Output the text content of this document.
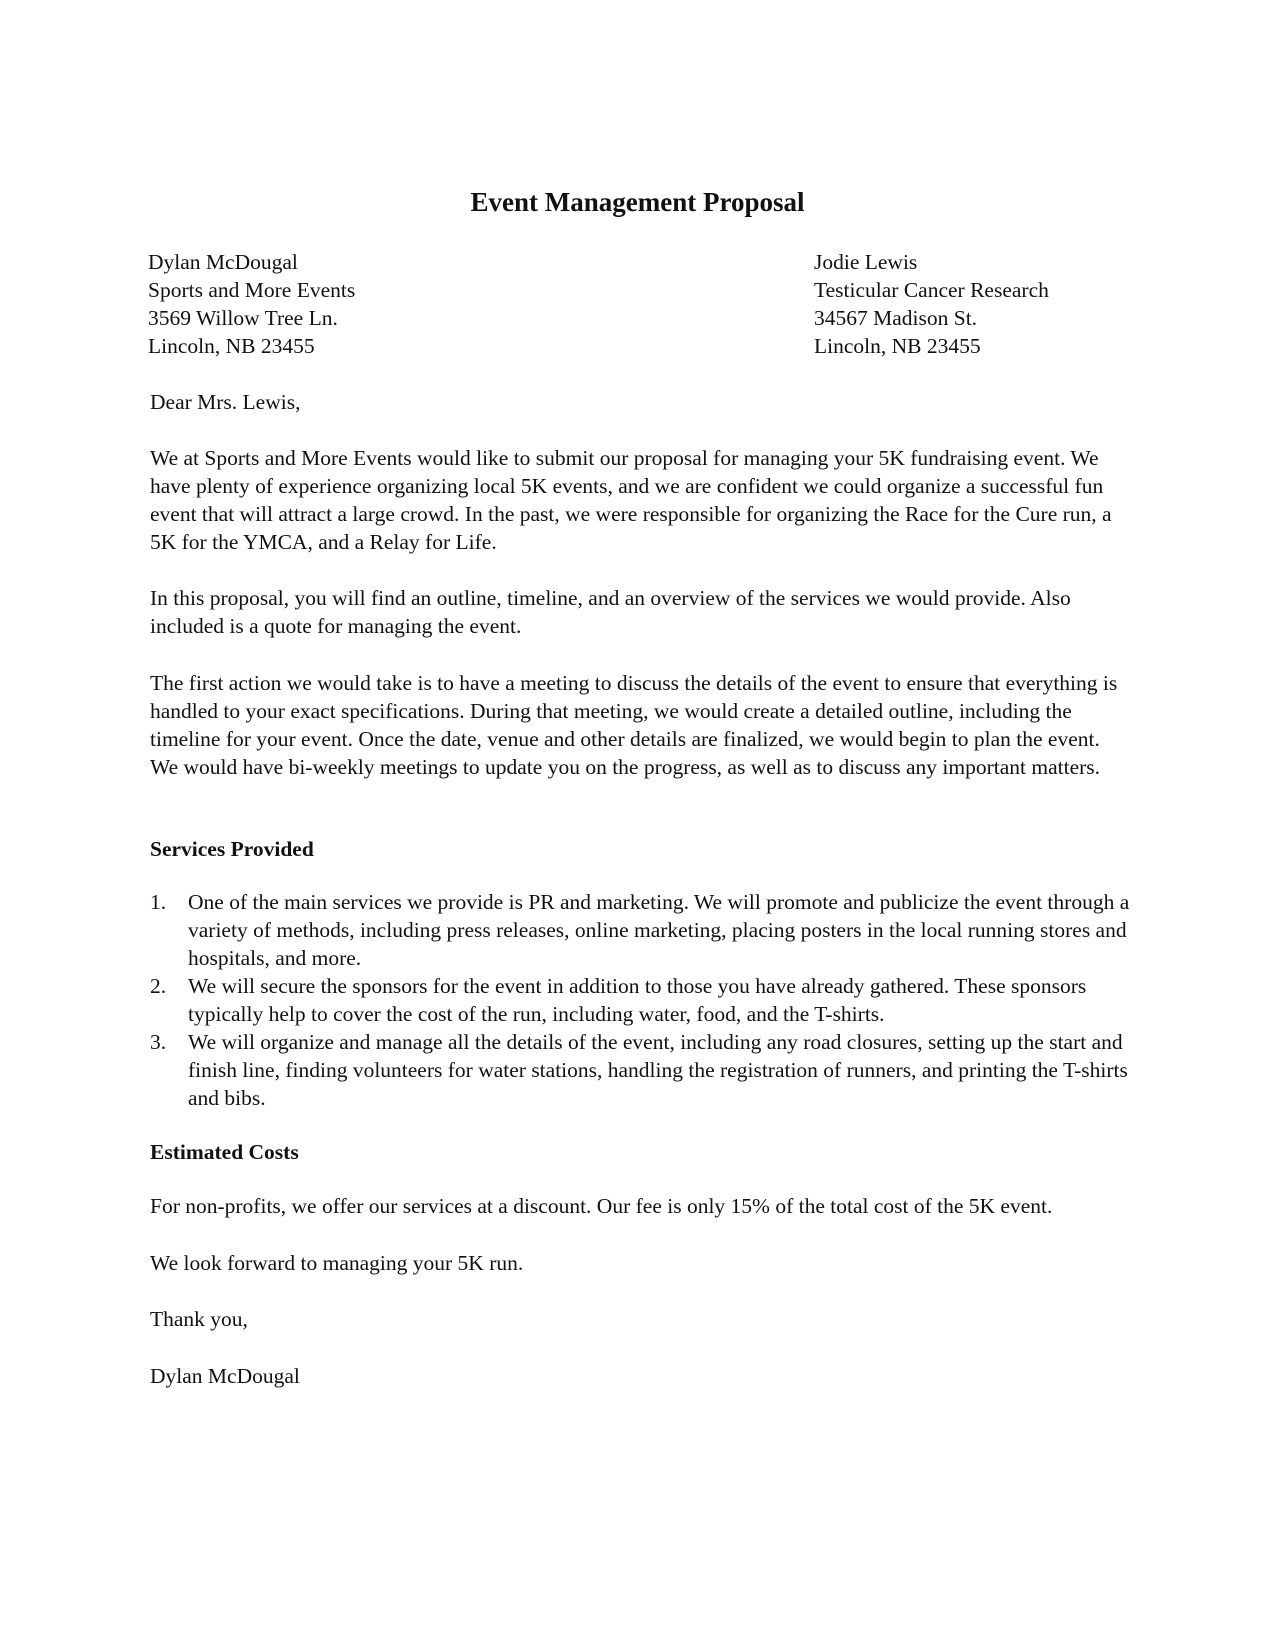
Event Management Proposal
Dylan McDougal
Sports and More Events
3569 Willow Tree Ln.
Lincoln, NB 23455
Jodie Lewis
Testicular Cancer Research
34567 Madison St.
Lincoln, NB 23455
Dear Mrs. Lewis,
We at Sports and More Events would like to submit our proposal for managing your 5K fundraising event. We have plenty of experience organizing local 5K events, and we are confident we could organize a successful fun event that will attract a large crowd. In the past, we were responsible for organizing the Race for the Cure run, a 5K for the YMCA, and a Relay for Life.
In this proposal, you will find an outline, timeline, and an overview of the services we would provide. Also included is a quote for managing the event.
The first action we would take is to have a meeting to discuss the details of the event to ensure that everything is handled to your exact specifications. During that meeting, we would create a detailed outline, including the timeline for your event. Once the date, venue and other details are finalized, we would begin to plan the event. We would have bi-weekly meetings to update you on the progress, as well as to discuss any important matters.
Services Provided
1. One of the main services we provide is PR and marketing. We will promote and publicize the event through a variety of methods, including press releases, online marketing, placing posters in the local running stores and hospitals, and more.
2. We will secure the sponsors for the event in addition to those you have already gathered. These sponsors typically help to cover the cost of the run, including water, food, and the T-shirts.
3. We will organize and manage all the details of the event, including any road closures, setting up the start and finish line, finding volunteers for water stations, handling the registration of runners, and printing the T-shirts and bibs.
Estimated Costs
For non-profits, we offer our services at a discount. Our fee is only 15% of the total cost of the 5K event.
We look forward to managing your 5K run.
Thank you,
Dylan McDougal
